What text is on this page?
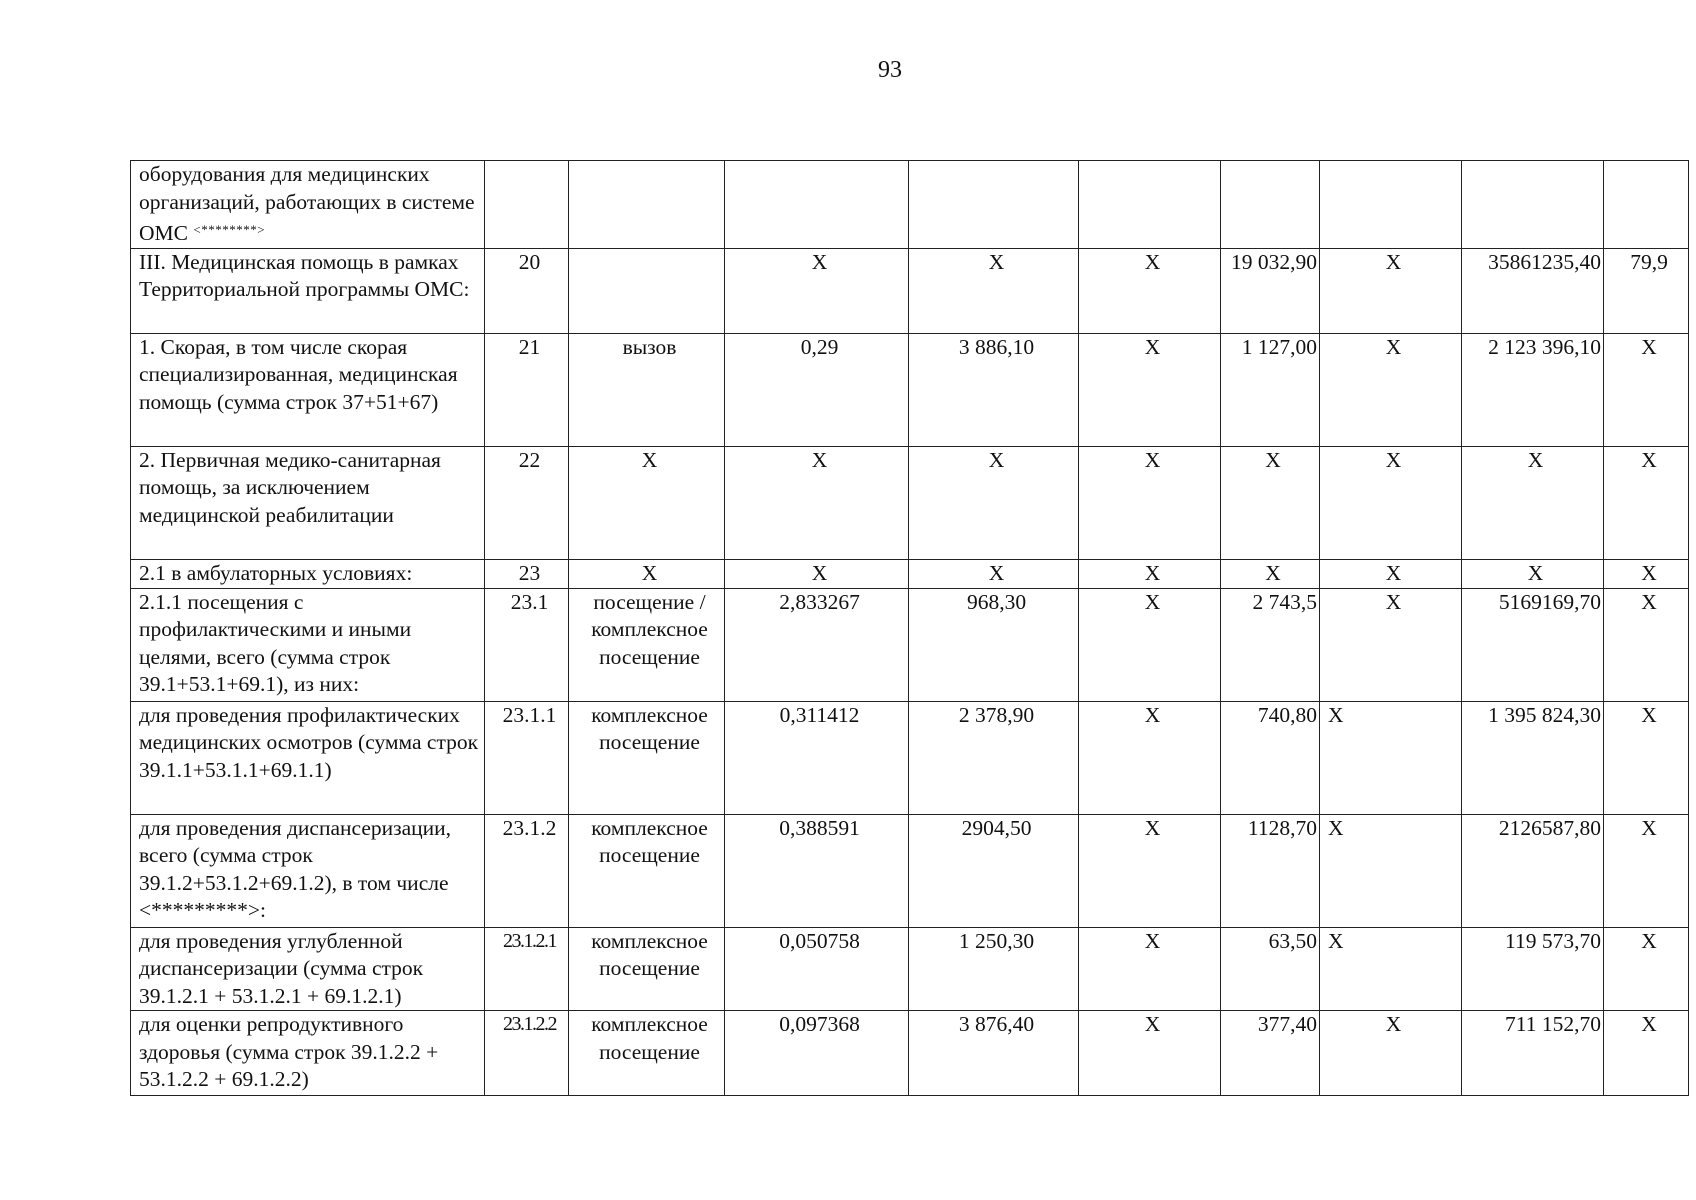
93
оборудования для медицинских организаций, работающих в системе ОМС <********>									
III. Медицинская помощь в рамках Территориальной программы ОМС:	20		X	X	X	19 032,90	X	35861235,40	79,9
1. Скорая, в том числе скорая специализированная, медицинская помощь (сумма строк 37+51+67)	21	вызов	0,29	3 886,10	X	1 127,00	X	2 123 396,10	X
2. Первичная медико-санитарная помощь, за исключением медицинской реабилитации	22	X	X	X	X	X	X	X	X
2.1 в амбулаторных условиях:	23	X	X	X	X	X	X	X	X
2.1.1 посещения с профилактическими и иными целями, всего (сумма строк 39.1+53.1+69.1), из них:	23.1	посещение / комплексное посещение	2,833267	968,30	X	2 743,5	X	5169169,70	X
для проведения профилактических медицинских осмотров (сумма строк 39.1.1+53.1.1+69.1.1)	23.1.1	комплексное посещение	0,311412	2 378,90	X	740,80	X	1 395 824,30	X
для проведения диспансеризации, всего (сумма строк 39.1.2+53.1.2+69.1.2), в том числе <*********>:	23.1.2	комплексное посещение	0,388591	2904,50	X	1128,70	X	2126587,80	X
для проведения углубленной диспансеризации (сумма строк 39.1.2.1 + 53.1.2.1 + 69.1.2.1)	23.1.2.1	комплексное посещение	0,050758	1 250,30	X	63,50	X	119 573,70	X
для оценки репродуктивного здоровья (сумма строк 39.1.2.2 + 53.1.2.2 + 69.1.2.2)	23.1.2.2	комплексное посещение	0,097368	3 876,40	X	377,40	X	711 152,70	X
